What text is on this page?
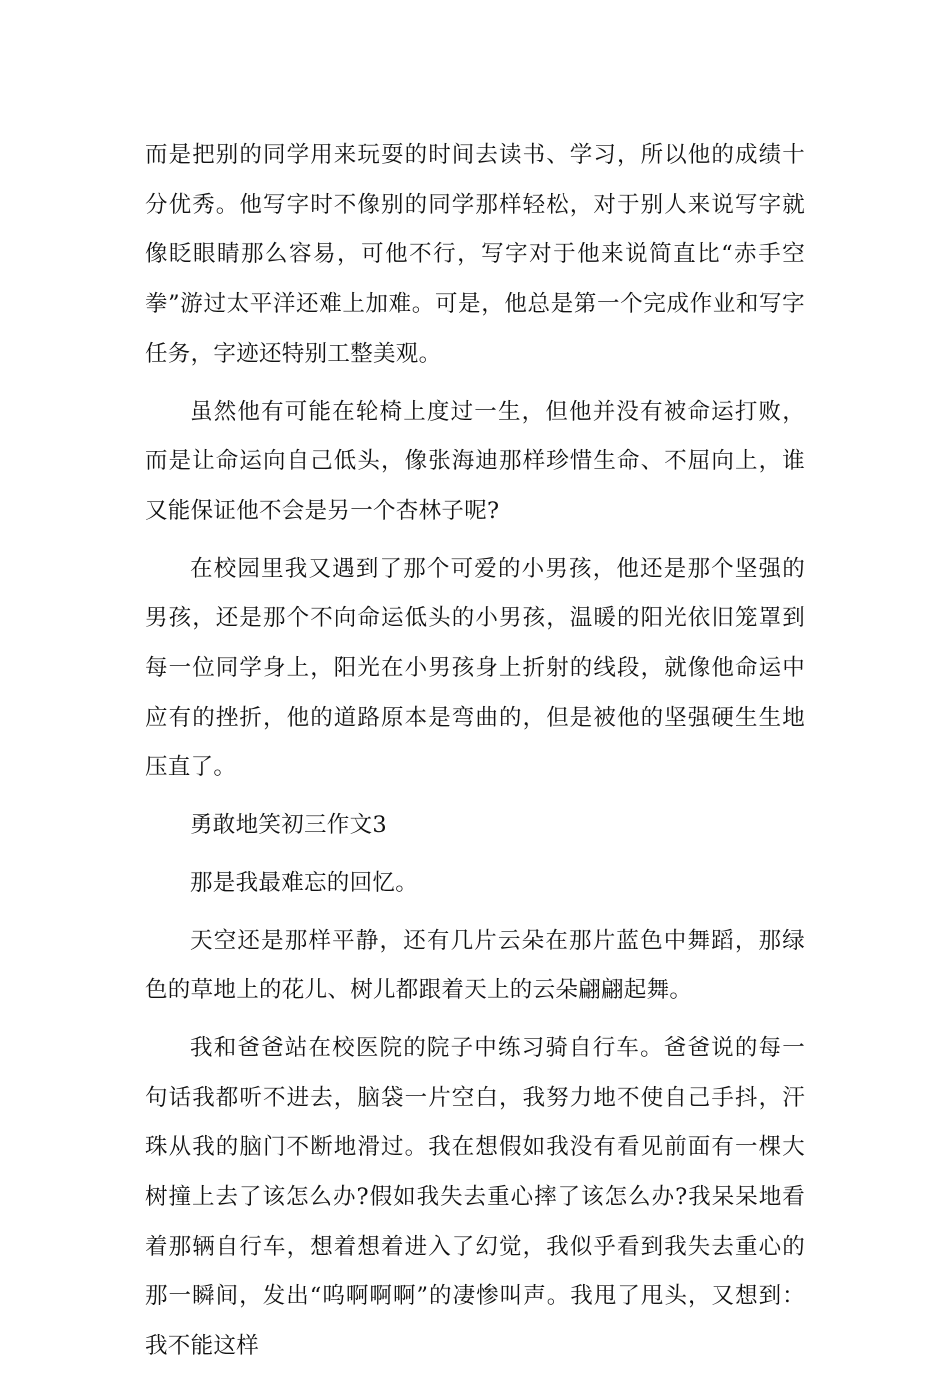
而是把别的同学用来玩耍的时间去读书、学习，所以他的成绩十分优秀。他写字时不像别的同学那样轻松，对于别人来说写字就像眨眼睛那么容易，可他不行，写字对于他来说简直比“赤手空拳”游过太平洋还难上加难。可是，他总是第一个完成作业和写字任务，字迹还特别工整美观。

虽然他有可能在轮椅上度过一生，但他并没有被命运打败，而是让命运向自己低头，像张海迪那样珍惜生命、不屈向上，谁又能保证他不会是另一个杏林子呢?

在校园里我又遇到了那个可爱的小男孩，他还是那个坚强的男孩，还是那个不向命运低头的小男孩，温暖的阳光依旧笼罩到每一位同学身上，阳光在小男孩身上折射的线段，就像他命运中应有的挫折，他的道路原本是弯曲的，但是被他的坚强硬生生地压直了。

勇敢地笑初三作文3

那是我最难忘的回忆。

天空还是那样平静，还有几片云朵在那片蓝色中舞蹈，那绿色的草地上的花儿、树儿都跟着天上的云朵翩翩起舞。

我和爸爸站在校医院的院子中练习骑自行车。爸爸说的每一句话我都听不进去，脑袋一片空白，我努力地不使自己手抖，汗珠从我的脑门不断地滑过。我在想假如我没有看见前面有一棵大树撞上去了该怎么办?假如我失去重心摔了该怎么办?我呆呆地看着那辆自行车，想着想着进入了幻觉，我似乎看到我失去重心的那一瞬间，发出“呜啊啊啊”的凄惨叫声。我甩了甩头，又想到：我不能这样
